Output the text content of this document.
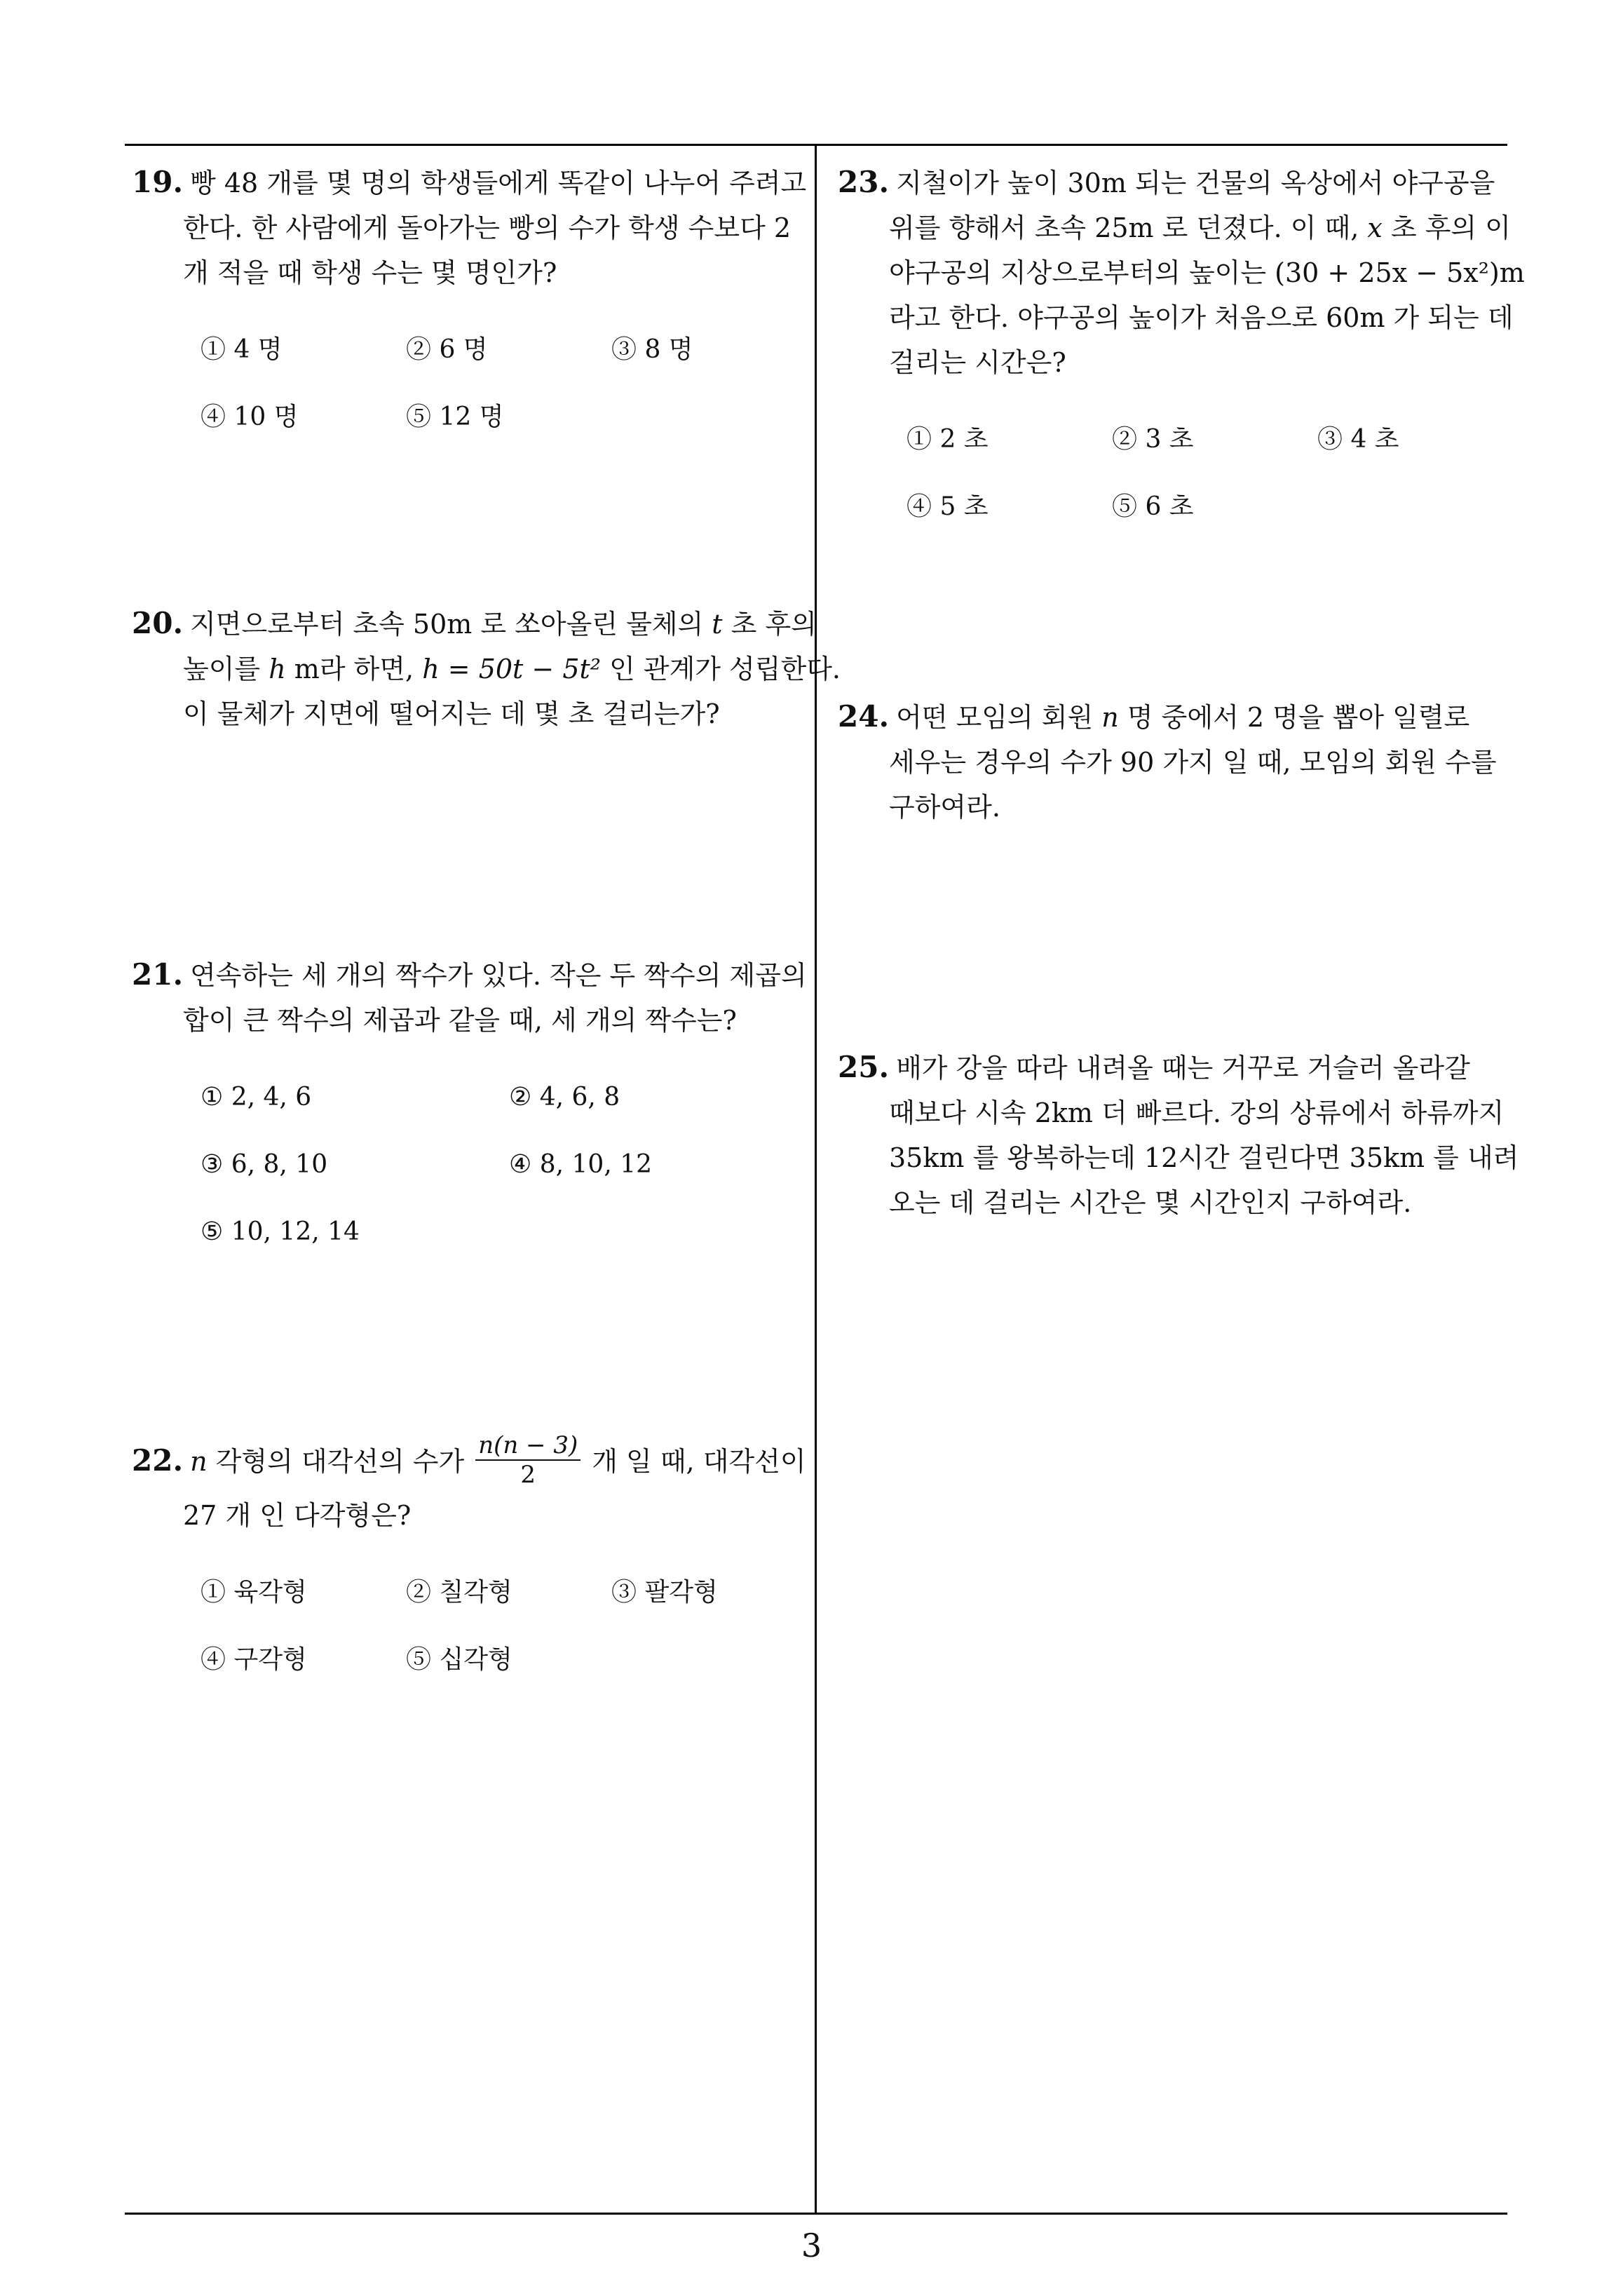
19. 빵 48 개를 몇 명의 학생들에게 똑같이 나누어 주려고
한다. 한 사람에게 돌아가는 빵의 수가 학생 수보다 2
개 적을 때 학생 수는 몇 명인가?
① 4 명	② 6 명	③ 8 명
④ 10 명	⑤ 12 명
20. 지면으로부터 초속 50m 로 쏘아올린 물체의 t 초 후의
높이를 h m라 하면, h = 50t − 5t² 인 관계가 성립한다.
이 물체가 지면에 떨어지는 데 몇 초 걸리는가?
21. 연속하는 세 개의 짝수가 있다. 작은 두 짝수의 제곱의
합이 큰 짝수의 제곱과 같을 때, 세 개의 짝수는?
① 2, 4, 6	② 4, 6, 8
③ 6, 8, 10	④ 8, 10, 12
⑤ 10, 12, 14
22. n 각형의 대각선의 수가 $\frac{n(n - 3)}{2}$ 개 일 때, 대각선이
27 개 인 다각형은?
① 육각형	② 칠각형	③ 팔각형
④ 구각형	⑤ 십각형
23. 지철이가 높이 30m 되는 건물의 옥상에서 야구공을
위를 향해서 초속 25m 로 던졌다. 이 때, x 초 후의 이
야구공의 지상으로부터의 높이는 (30 + 25x − 5x²)m
라고 한다. 야구공의 높이가 처음으로 60m 가 되는 데
걸리는 시간은?
① 2 초	② 3 초	③ 4 초
④ 5 초	⑤ 6 초
24. 어떤 모임의 회원 n 명 중에서 2 명을 뽑아 일렬로
세우는 경우의 수가 90 가지 일 때, 모임의 회원 수를
구하여라.
25. 배가 강을 따라 내려올 때는 거꾸로 거슬러 올라갈
때보다 시속 2km 더 빠르다. 강의 상류에서 하류까지
35km 를 왕복하는데 12시간 걸린다면 35km 를 내려
오는 데 걸리는 시간은 몇 시간인지 구하여라.
3
